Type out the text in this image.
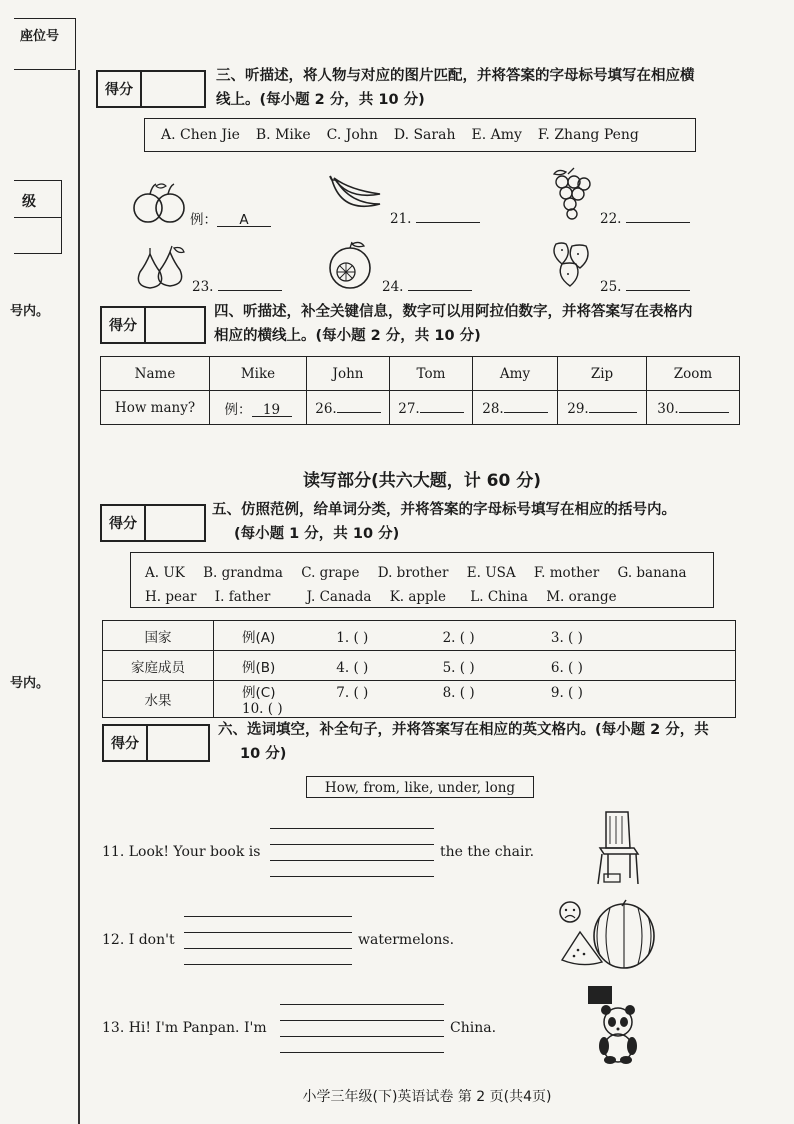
座位号
级
号内。
号内。
得分
三、听描述，将人物与对应的图片匹配，并将答案的字母标号填写在相应横
线上。(每小题 2 分，共 10 分)
A. Chen Jie B. Mike C. John D. Sarah E. Amy F. Zhang Peng
例： A	21.	22.
23.	24.	25.
得分
四、听描述，补全关键信息，数字可以用阿拉伯数字，并将答案写在表格内
相应的横线上。(每小题 2 分，共 10 分)
Name	Mike	John	Tom	Amy	Zip	Zoom
How many?	例： 19	26.	27.	28.	29.	30.
读写部分(共六大题，计 60 分)
得分
五、仿照范例，给单词分类，并将答案的字母标号填写在相应的括号内。
(每小题 1 分，共 10 分)
A. UK B. grandma C. grape D. brother E. USA F. mother G. banana
H. pear I. father	J. Canada K. apple L. China M. orange
国家	例(A) 1. ( ) 2. ( ) 3. ( )
家庭成员	例(B) 4. ( ) 5. ( ) 6. ( )
水果	例(C) 7. ( ) 8. ( ) 9. ( ) 10. ( )
得分
六、选词填空，补全句子，并将答案写在相应的英文格内。(每小题 2 分，共
10 分)
How, from, like, under, long
11. Look! Your book is	the the chair.
12. I don't	watermelons.
13. Hi! I'm Panpan. I'm	China.
小学三年级(下)英语试卷 第 2 页(共4页)
